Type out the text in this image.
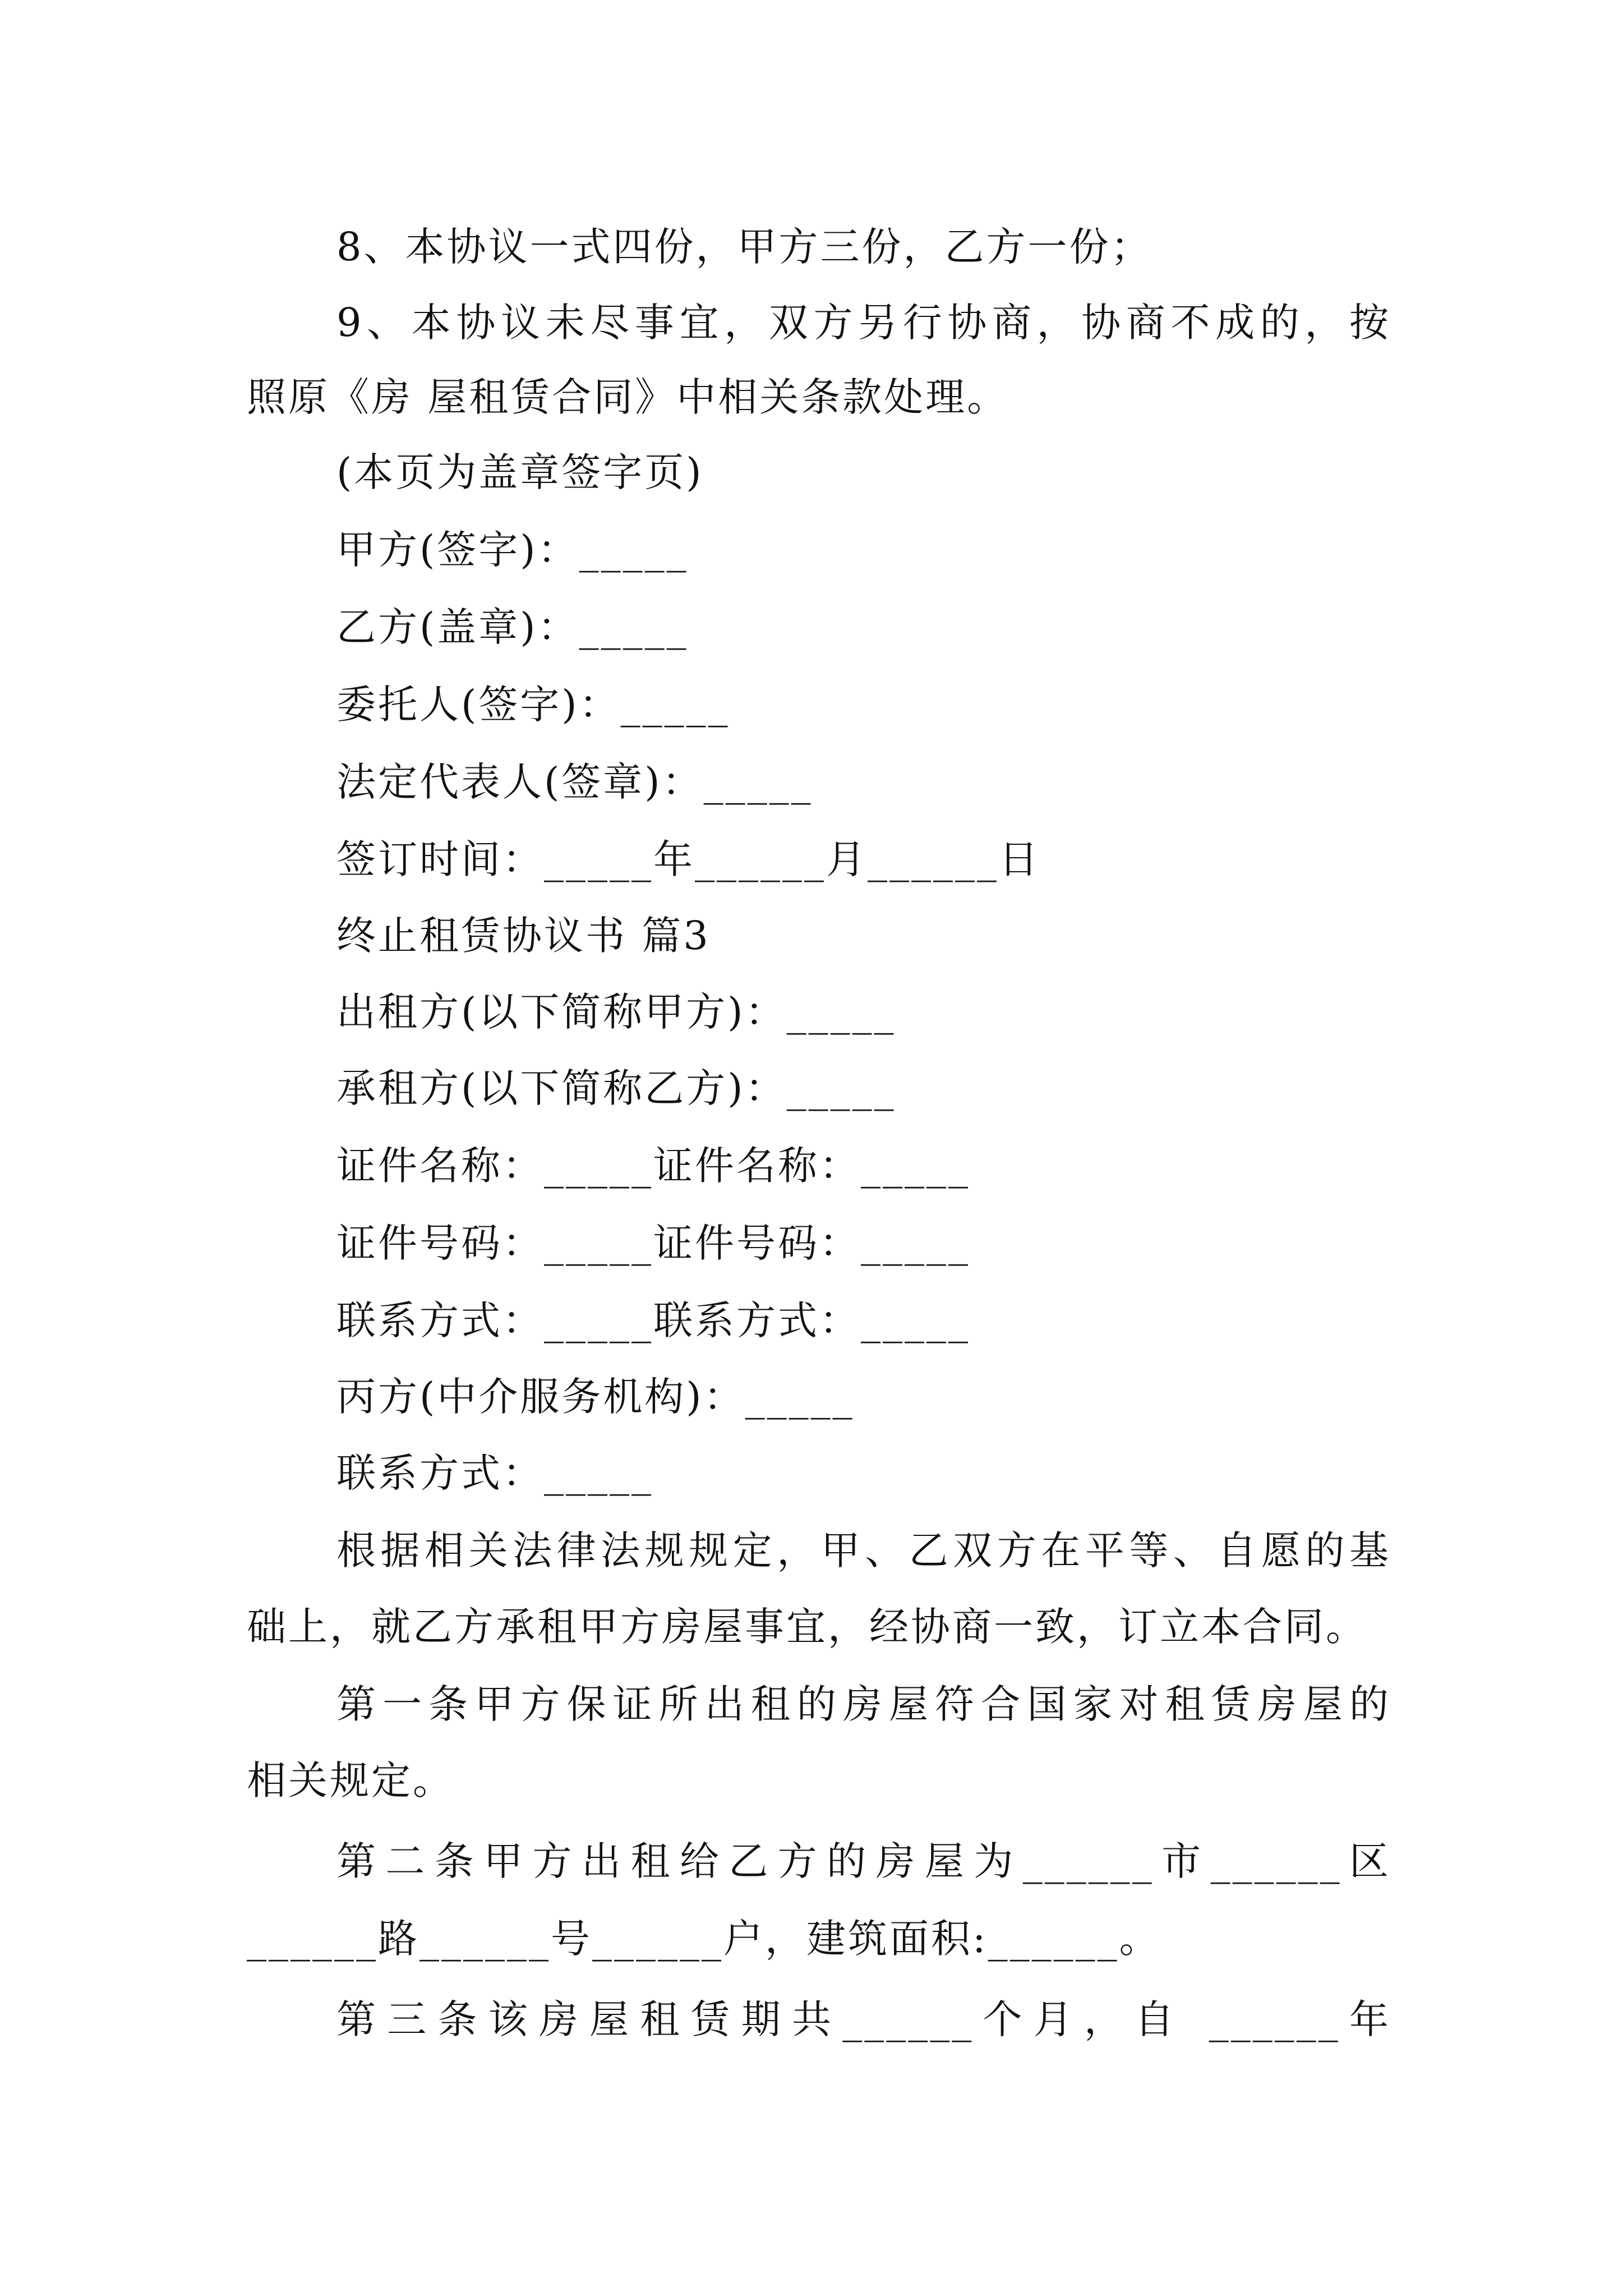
8、本协议一式四份，甲方三份，乙方一份；
9、本协议未尽事宜，双方另行协商，协商不成的，按
照原《房 屋租赁合同》中相关条款处理。
(本页为盖章签字页)
甲方(签字)：_____
乙方(盖章)：_____
委托人(签字)：_____
法定代表人(签章)：_____
签订时间：_____年______月______日
终止租赁协议书 篇3
出租方(以下简称甲方)：_____
承租方(以下简称乙方)：_____
证件名称：_____证件名称：_____
证件号码：_____证件号码：_____
联系方式：_____联系方式：_____
丙方(中介服务机构)：_____
联系方式：_____
根据相关法律法规规定，甲、乙双方在平等、自愿的基
础上，就乙方承租甲方房屋事宜，经协商一致，订立本合同。
第一条甲方保证所出租的房屋符合国家对租赁房屋的
相关规定。
第二条甲方出租给乙方的房屋为______市______区
______路______号______户，建筑面积:______。
第三条该房屋租赁期共______个月，自 ______年
